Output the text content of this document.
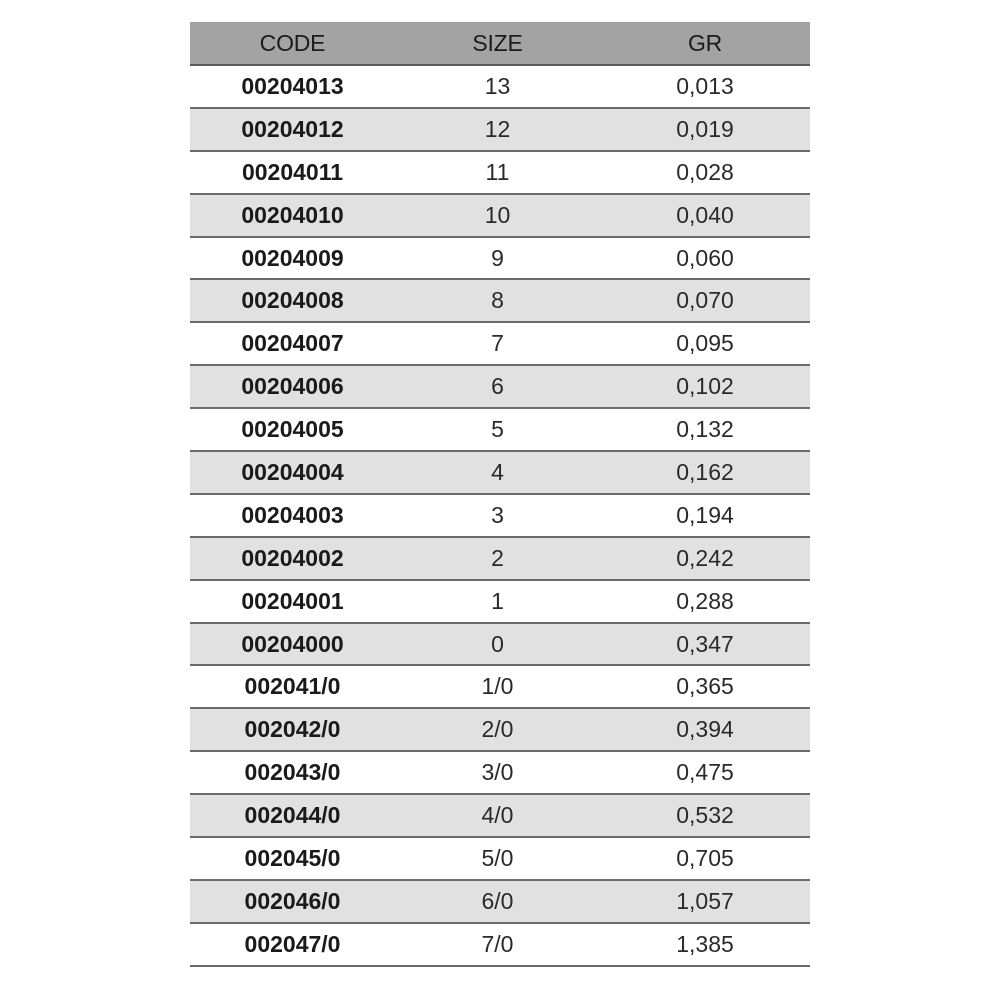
CODE	SIZE	GR
00204013	13	0,013
00204012	12	0,019
00204011	11	0,028
00204010	10	0,040
00204009	9	0,060
00204008	8	0,070
00204007	7	0,095
00204006	6	0,102
00204005	5	0,132
00204004	4	0,162
00204003	3	0,194
00204002	2	0,242
00204001	1	0,288
00204000	0	0,347
002041/0	1/0	0,365
002042/0	2/0	0,394
002043/0	3/0	0,475
002044/0	4/0	0,532
002045/0	5/0	0,705
002046/0	6/0	1,057
002047/0	7/0	1,385
